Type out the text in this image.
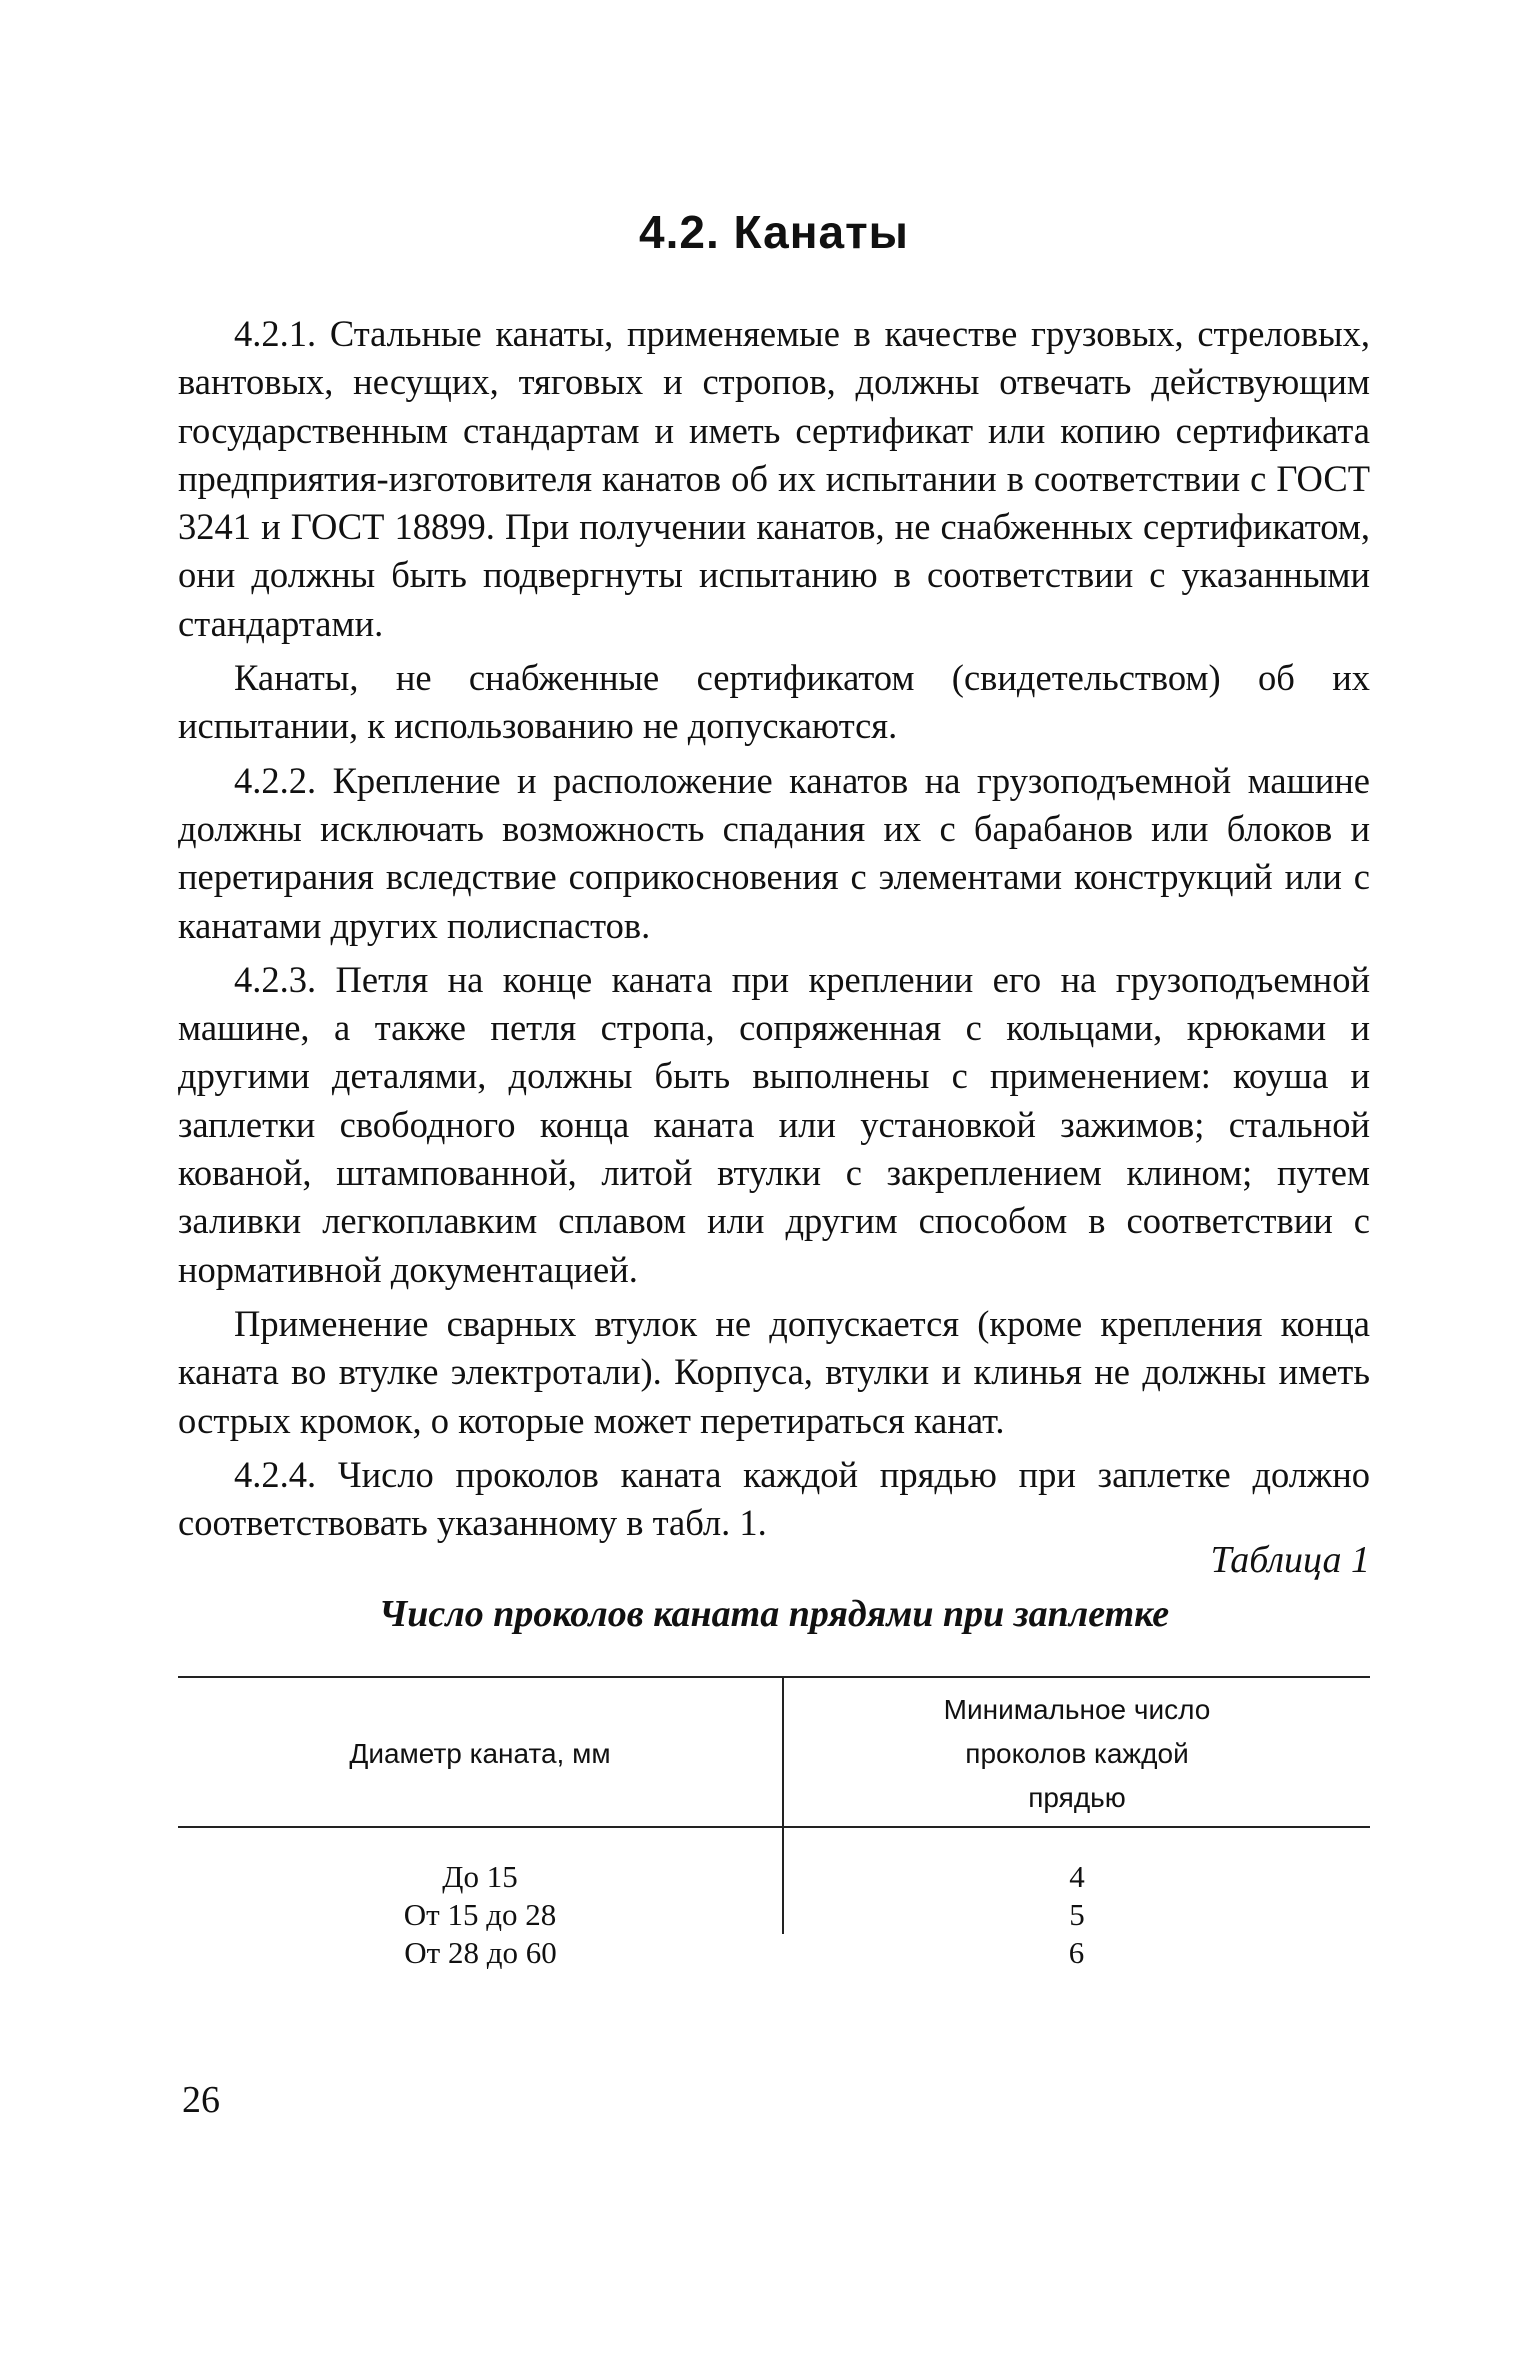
4.2. Канаты

4.2.1. Стальные канаты, применяемые в качестве грузовых, стреловых, вантовых, несущих, тяговых и стропов, должны отвечать действующим государственным стандартам и иметь сертификат или копию сертификата предприятия-изготовителя канатов об их испытании в соответствии с ГОСТ 3241 и ГОСТ 18899. При получении канатов, не снабженных сертификатом, они должны быть подвергнуты испытанию в соответствии с указанными стандартами.

Канаты, не снабженные сертификатом (свидетельством) об их испытании, к использованию не допускаются.

4.2.2. Крепление и расположение канатов на грузоподъемной машине должны исключать возможность спадания их с барабанов или блоков и перетирания вследствие соприкосновения с элементами конструкций или с канатами других полиспастов.

4.2.3. Петля на конце каната при креплении его на грузоподъемной машине, а также петля стропа, сопряженная с кольцами, крюками и другими деталями, должны быть выполнены с применением: коуша и заплетки свободного конца каната или установкой зажимов; стальной кованой, штампованной, литой втулки с закреплением клином; путем заливки легкоплавким сплавом или другим способом в соответствии с нормативной документацией.

Применение сварных втулок не допускается (кроме крепления конца каната во втулке электротали). Корпуса, втулки и клинья не должны иметь острых кромок, о которые может перетираться канат.

4.2.4. Число проколов каната каждой прядью при заплетке должно соответствовать указанному в табл. 1.

Таблица 1

Число проколов каната прядями при заплетке

Диаметр каната, мм	Минимальное число проколов каждой прядью

До 15	4
От 15 до 28	5
От 28 до 60	6

26
